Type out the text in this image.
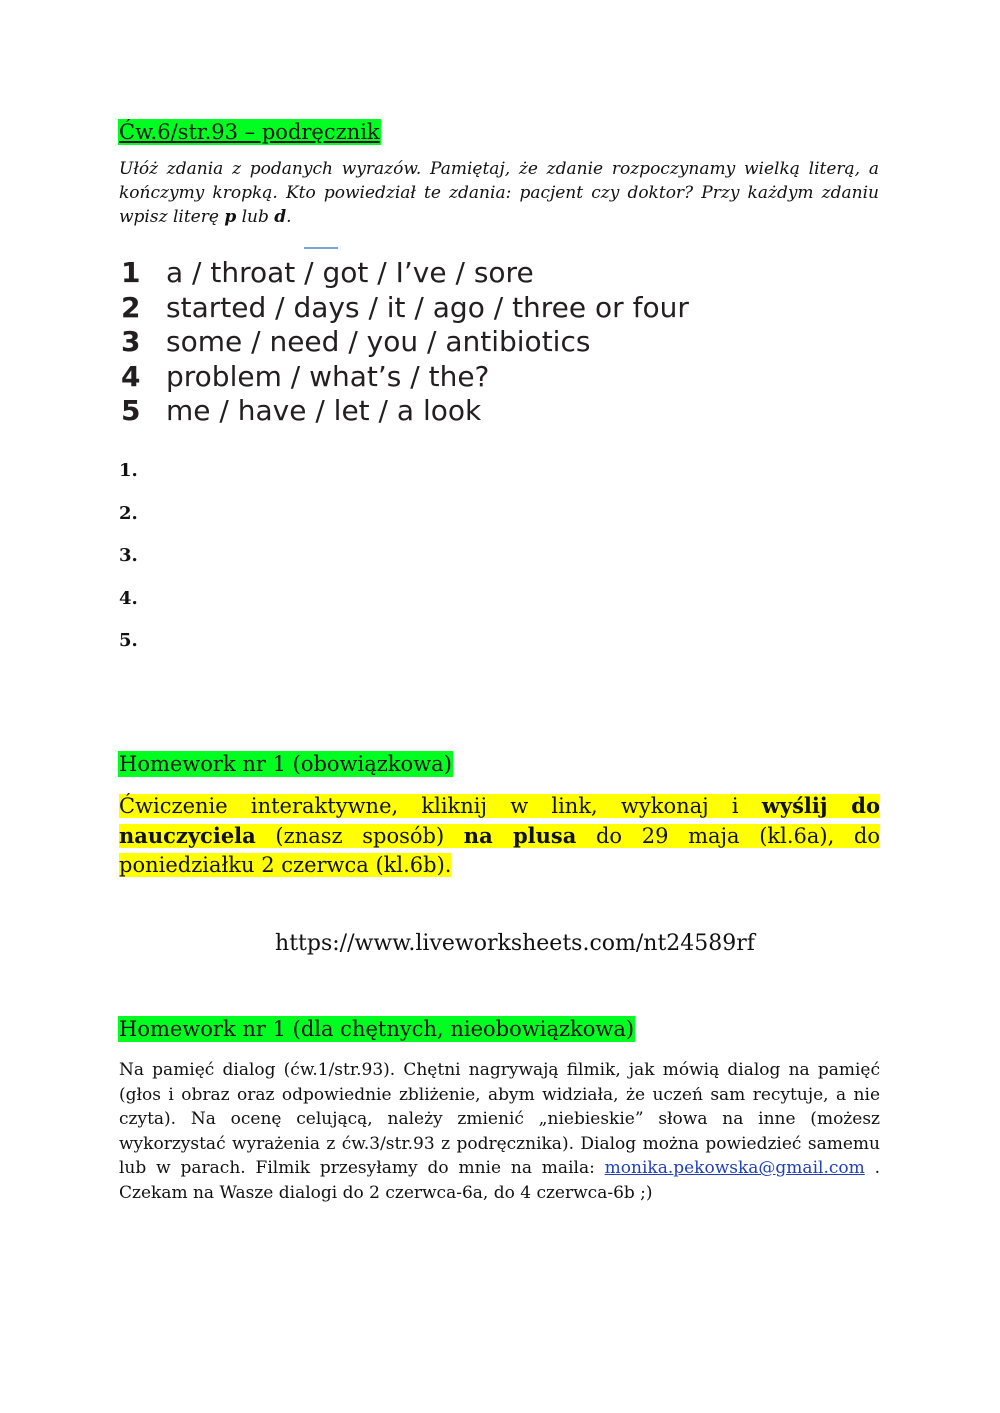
Ćw.6/str.93 – podręcznik
Ułóż zdania z podanych wyrazów. Pamiętaj, że zdanie rozpoczynamy wielką literą, a kończymy kropką. Kto powiedział te zdania: pacjent czy doktor? Przy każdym zdaniu wpisz literę p lub d.
1 a / throat / got / I’ve / sore
2 started / days / it / ago / three or four
3 some / need / you / antibiotics
4 problem / what’s / the?
5 me / have / let / a look
1.
2.
3.
4.
5.
Homework nr 1 (obowiązkowa)
Ćwiczenie interaktywne, kliknij w link, wykonaj i wyślij do nauczyciela (znasz sposób) na plusa do 29 maja (kl.6a), do poniedziałku 2 czerwca (kl.6b).
https://www.liveworksheets.com/nt24589rf
Homework nr 1 (dla chętnych, nieobowiązkowa)
Na pamięć dialog (ćw.1/str.93). Chętni nagrywają filmik, jak mówią dialog na pamięć (głos i obraz oraz odpowiednie zbliżenie, abym widziała, że uczeń sam recytuje, a nie czyta). Na ocenę celującą, należy zmienić „niebieskie” słowa na inne (możesz wykorzystać wyrażenia z ćw.3/str.93 z podręcznika). Dialog można powiedzieć samemu lub w parach. Filmik przesyłamy do mnie na maila: monika.pekowska@gmail.com . Czekam na Wasze dialogi do 2 czerwca-6a, do 4 czerwca-6b ;)
